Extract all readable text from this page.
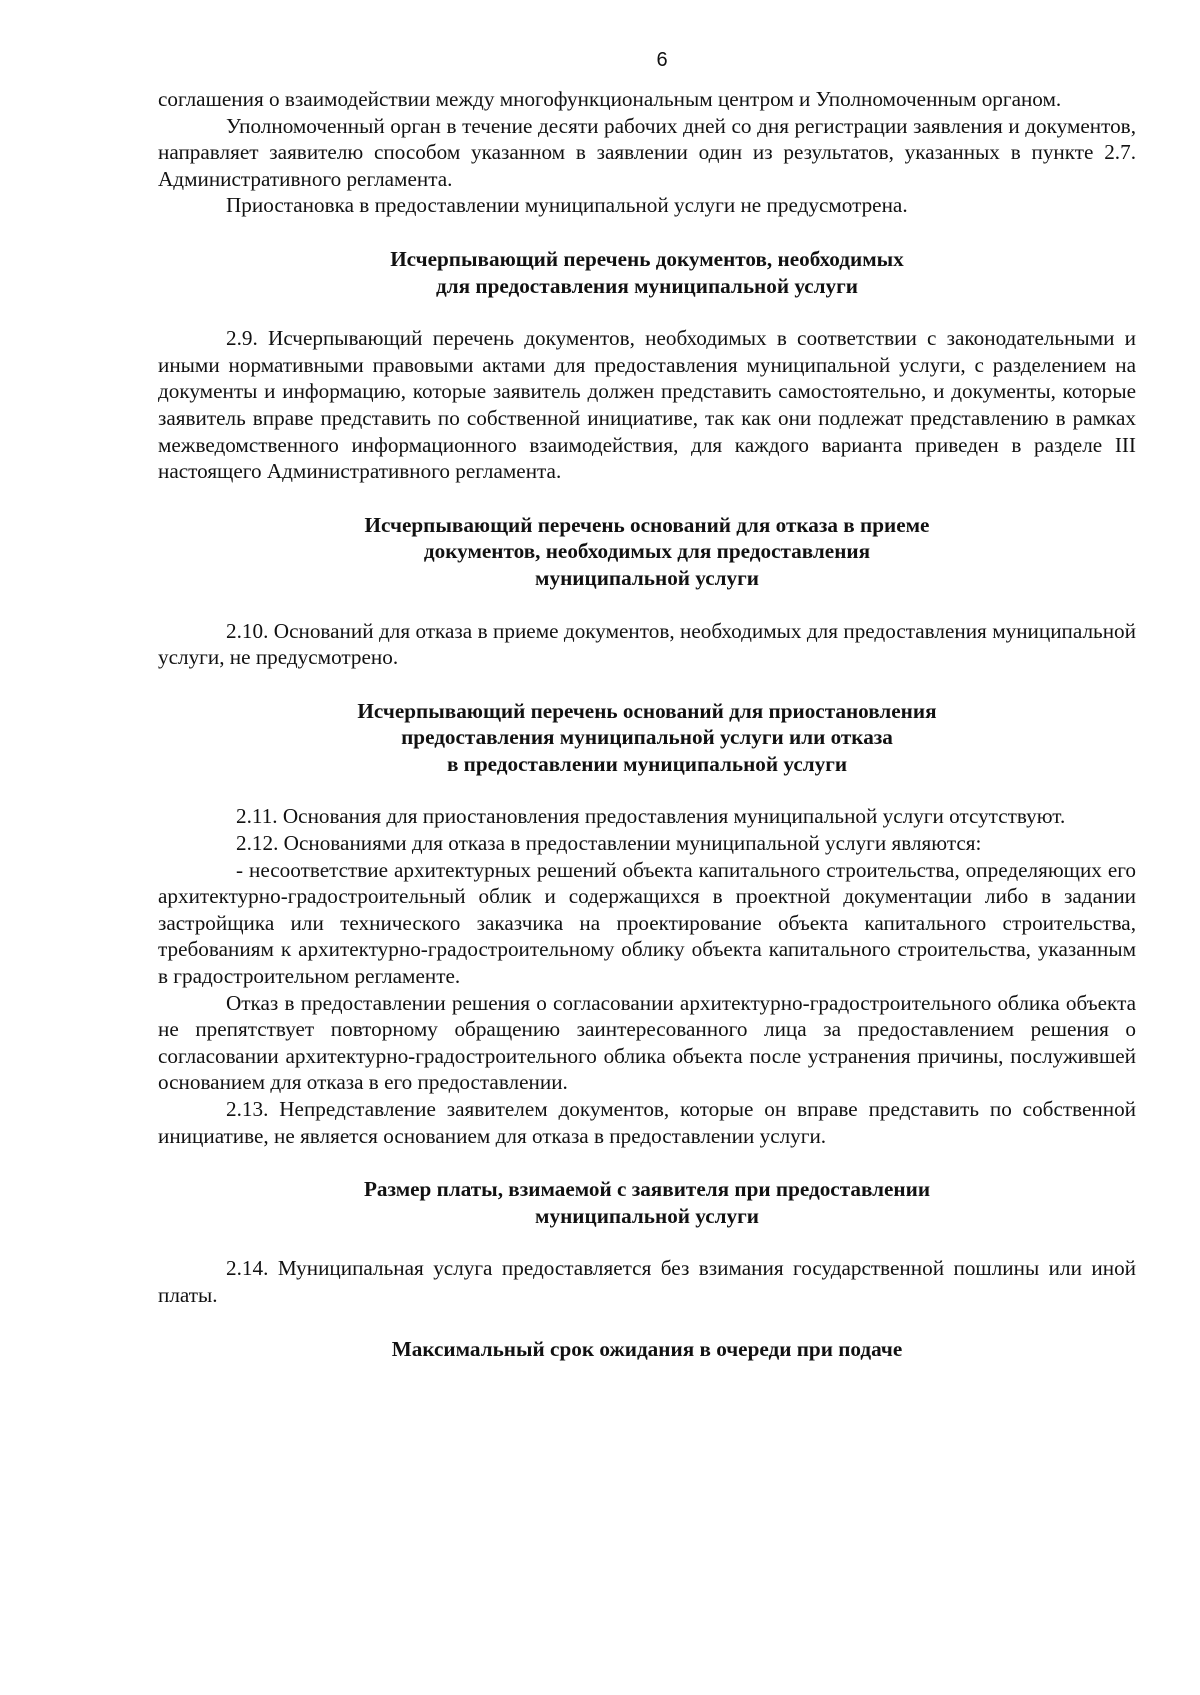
6

соглашения о взаимодействии между многофункциональным центром и Уполномоченным органом.

Уполномоченный орган в течение десяти рабочих дней со дня регистрации заявления и документов, направляет заявителю способом указанном в заявлении один из результатов, указанных в пункте 2.7. Административного регламента.

Приостановка в предоставлении муниципальной услуги не предусмотрена.

Исчерпывающий перечень документов, необходимых
для предоставления муниципальной услуги

2.9. Исчерпывающий перечень документов, необходимых в соответствии с законодательными и иными нормативными правовыми актами для предоставления муниципальной услуги, с разделением на документы и информацию, которые заявитель должен представить самостоятельно, и документы, которые заявитель вправе представить по собственной инициативе, так как они подлежат представлению в рамках межведомственного информационного взаимодействия, для каждого варианта приведен в разделе III настоящего Административного регламента.

Исчерпывающий перечень оснований для отказа в приеме
документов, необходимых для предоставления
муниципальной услуги

2.10. Оснований для отказа в приеме документов, необходимых для предоставления муниципальной услуги, не предусмотрено.

Исчерпывающий перечень оснований для приостановления
предоставления муниципальной услуги или отказа
в предоставлении муниципальной услуги

2.11. Основания для приостановления предоставления муниципальной услуги отсутствуют.

2.12. Основаниями для отказа в предоставлении муниципальной услуги являются:

- несоответствие архитектурных решений объекта капитального строительства, определяющих его архитектурно-градостроительный облик и содержащихся в проектной документации либо в задании застройщика или технического заказчика на проектирование объекта капитального строительства, требованиям к архитектурно-градостроительному облику объекта капитального строительства, указанным в градостроительном регламенте.

Отказ в предоставлении решения о согласовании архитектурно-градостроительного облика объекта не препятствует повторному обращению заинтересованного лица за предоставлением решения о согласовании архитектурно-градостроительного облика объекта после устранения причины, послужившей основанием для отказа в его предоставлении.

2.13. Непредставление заявителем документов, которые он вправе представить по собственной инициативе, не является основанием для отказа в предоставлении услуги.

Размер платы, взимаемой с заявителя при предоставлении
муниципальной услуги

2.14. Муниципальная услуга предоставляется без взимания государственной пошлины или иной платы.

Максимальный срок ожидания в очереди при подаче
